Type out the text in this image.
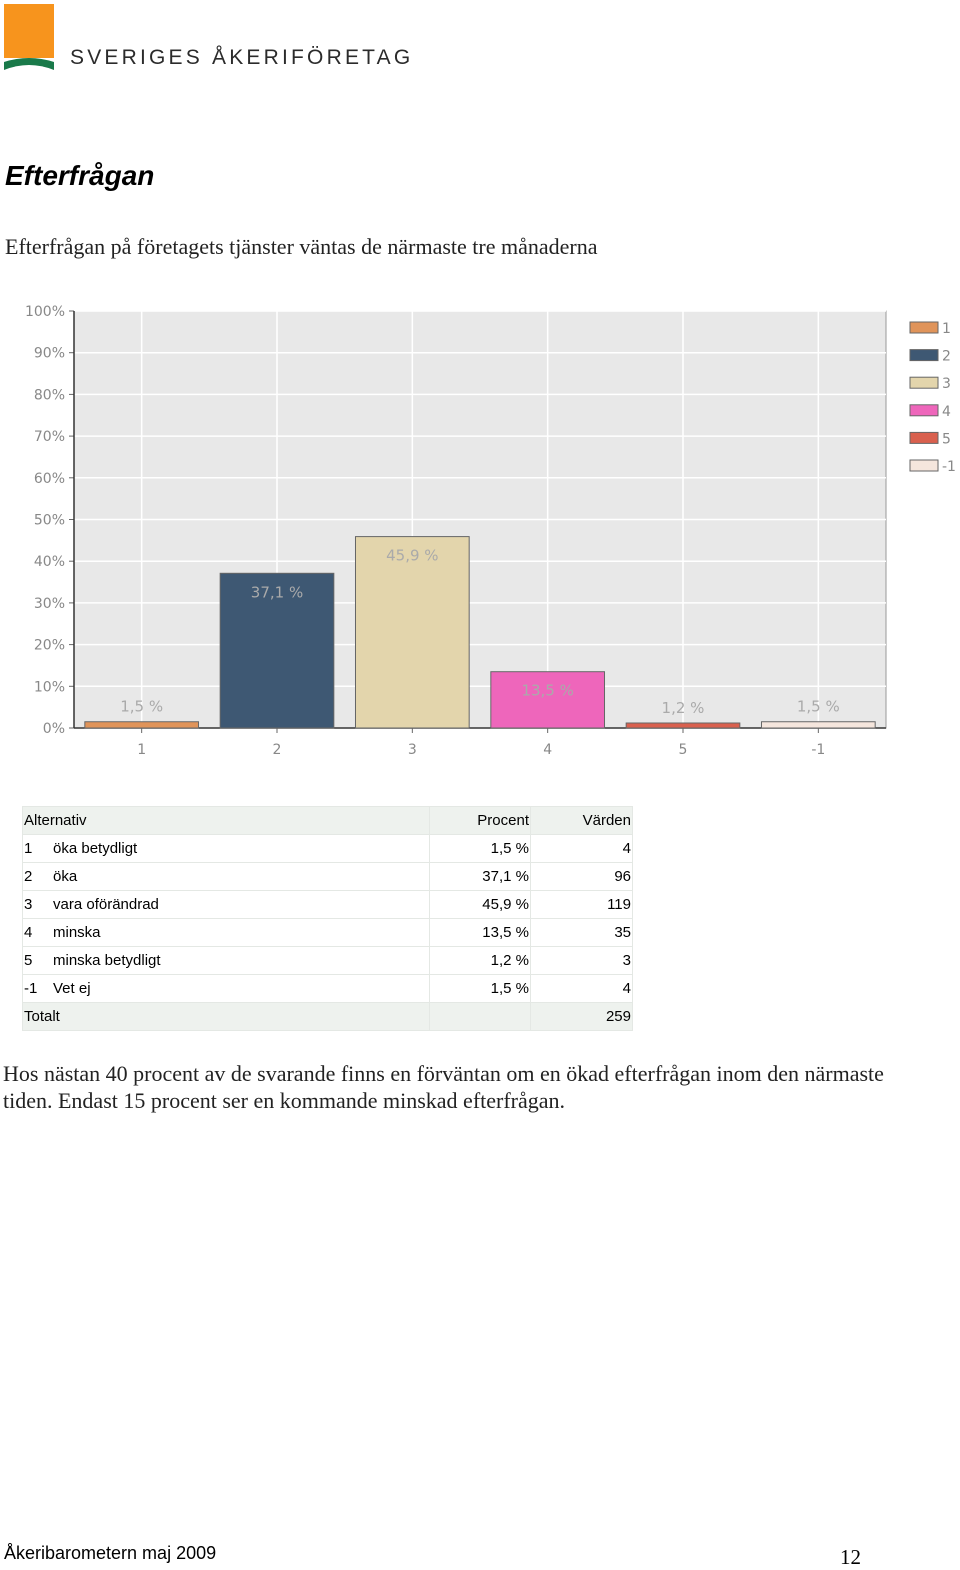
SVERIGES ÅKERIFÖRETAG
Efterfrågan
Efterfrågan på företagets tjänster väntas de närmaste tre månaderna
0%
10%
20%
30%
40%
50%
60%
70%
80%
90%
100%
1,5 %
1
37,1 %
2
45,9 %
3
13,5 %
4
1,2 %
5
1,5 %
-1
1
2
3
4
5
-1
Alternativ	Procent	Värden
1 öka betydligt	1,5 %	4
2 öka	37,1 %	96
3 vara oförändrad	45,9 %	119
4 minska	13,5 %	35
5 minska betydligt	1,2 %	3
-1 Vet ej	1,5 %	4
Totalt		259

Hos nästan 40 procent av de svarande finns en förväntan om en ökad efterfrågan inom den närmaste tiden. Endast 15 procent ser en kommande minskad efterfrågan.

Åkeribarometern maj 2009	12
